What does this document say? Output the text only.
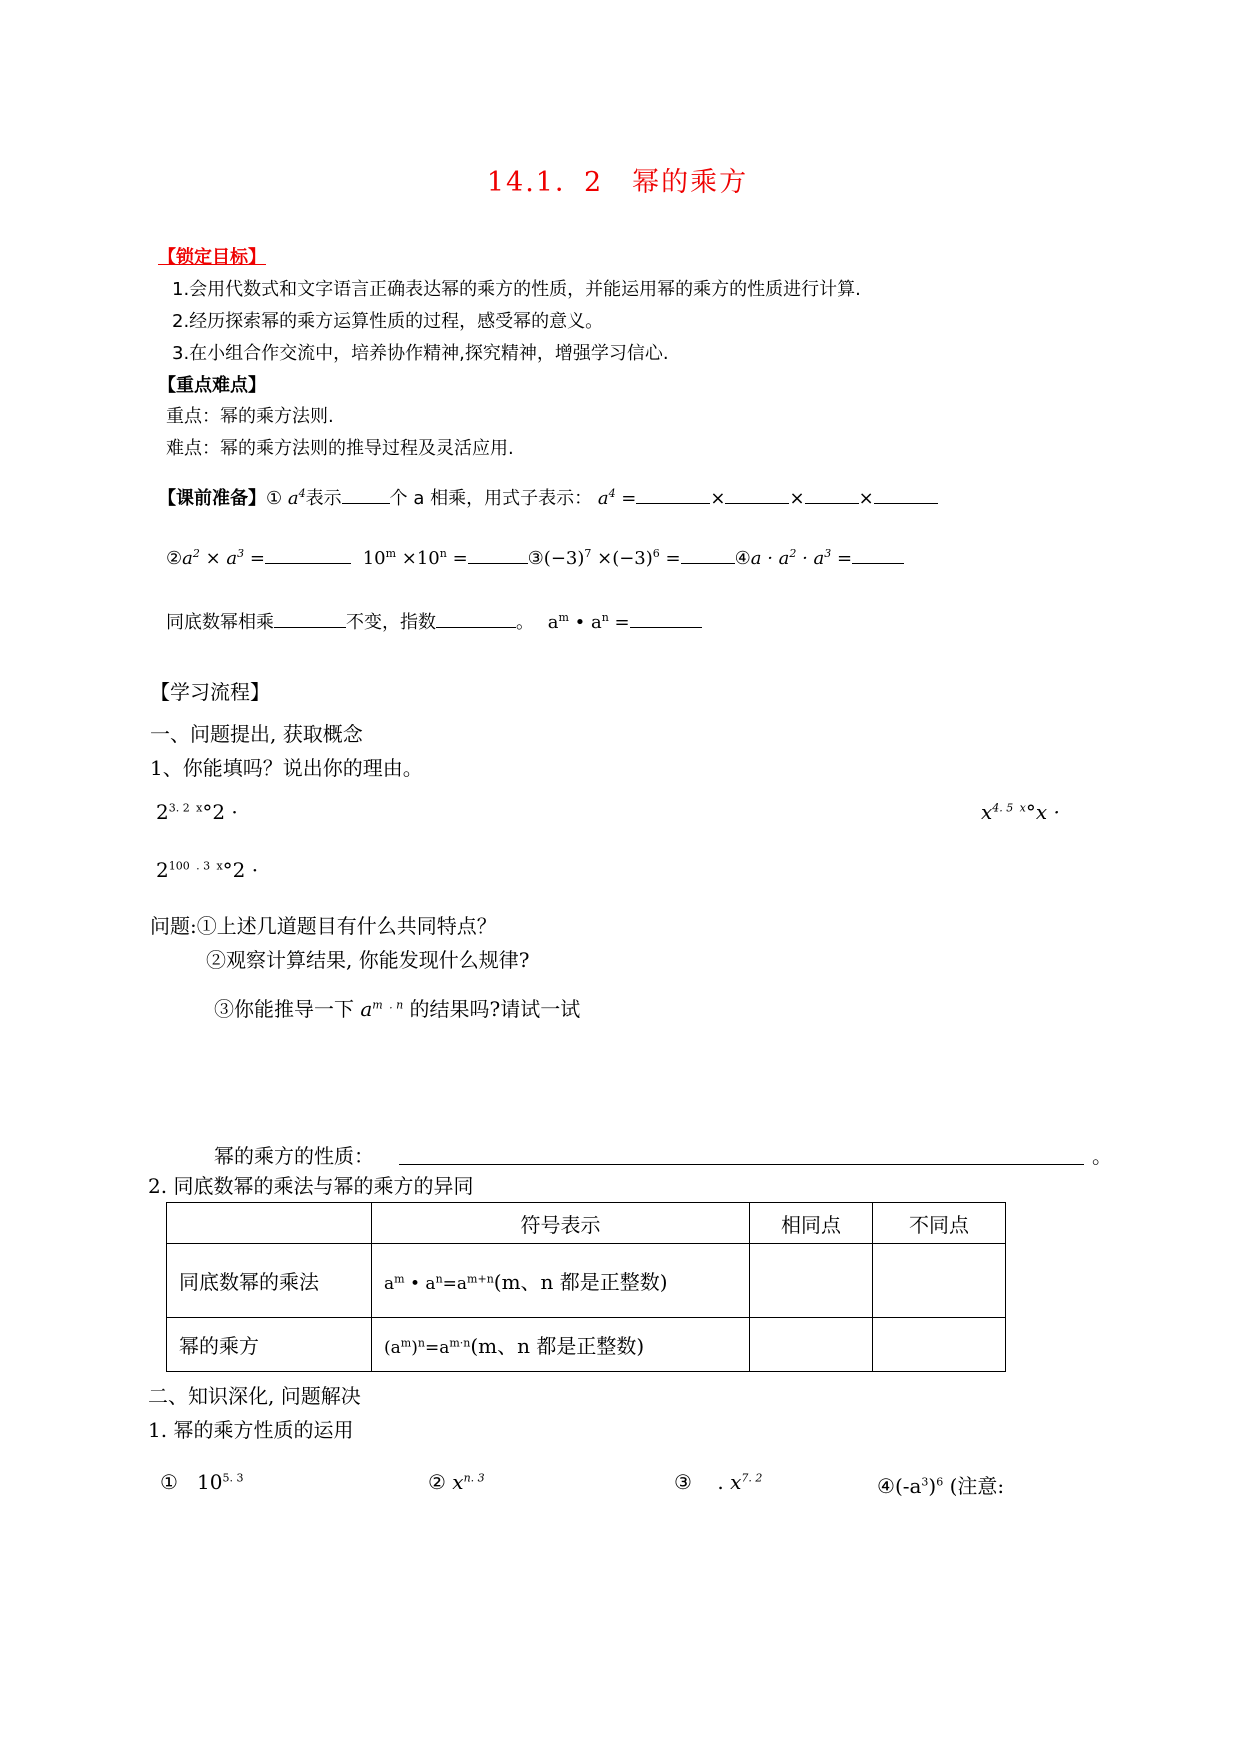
14.1．2　幂的乘方
【锁定目标】
1.会用代数式和文字语言正确表达幂的乘方的性质，并能运用幂的乘方的性质进行计算.
2.经历探索幂的乘方运算性质的过程，感受幂的意义。
3.在小组合作交流中，培养协作精神,探究精神，增强学习信心.
【重点难点】
重点：幂的乘方法则.
难点：幂的乘方法则的推导过程及灵活应用.
【课前准备】① $a^4$表示	个 a 相乘，用式子表示： $a^4$ =	×	×	×
$②a^2 \times a^3$ =	$10^m \times 10^n$ =	$③(-3)^7 \times(-3)^6$ =	④a · $a^2 \cdot a^3$ =
同底数幂相乘	不变，指数	。 $a^m$ • $a^n$ =
【学习流程】
一、问题提出, 获取概念
1、你能填吗？说出你的理由。
$2^{3. 2}$ $^x$°2 ·	$x^{4. 5}$ $^x$°x ·
$2^{100}$ $^{. 3}$ $^x$°2 ·
问题:①上述几道题目有什么共同特点？
②观察计算结果, 你能发现什么规律?
③你能推导一下 $a^m$ $^{. n}$ 的结果吗?请试一试
幂的乘方的性质：	。
2. 同底数幂的乘法与幂的乘方的异同
	符号表示	相同点	不同点
同底数幂的乘法	$a^m$ • $a^n=a^{m+n}(m$、n 都是正整数)		
幂的乘方	$(a^m)^n=a^{m\cdot n}(m$、n 都是正整数)		
二、知识深化, 问题解决
1. 幂的乘方性质的运用
①   $10^{5. 3}$	② $x^{n. 3}$	③    . $x^{7. 2}$	$④(-a^3)^6$ (注意:
